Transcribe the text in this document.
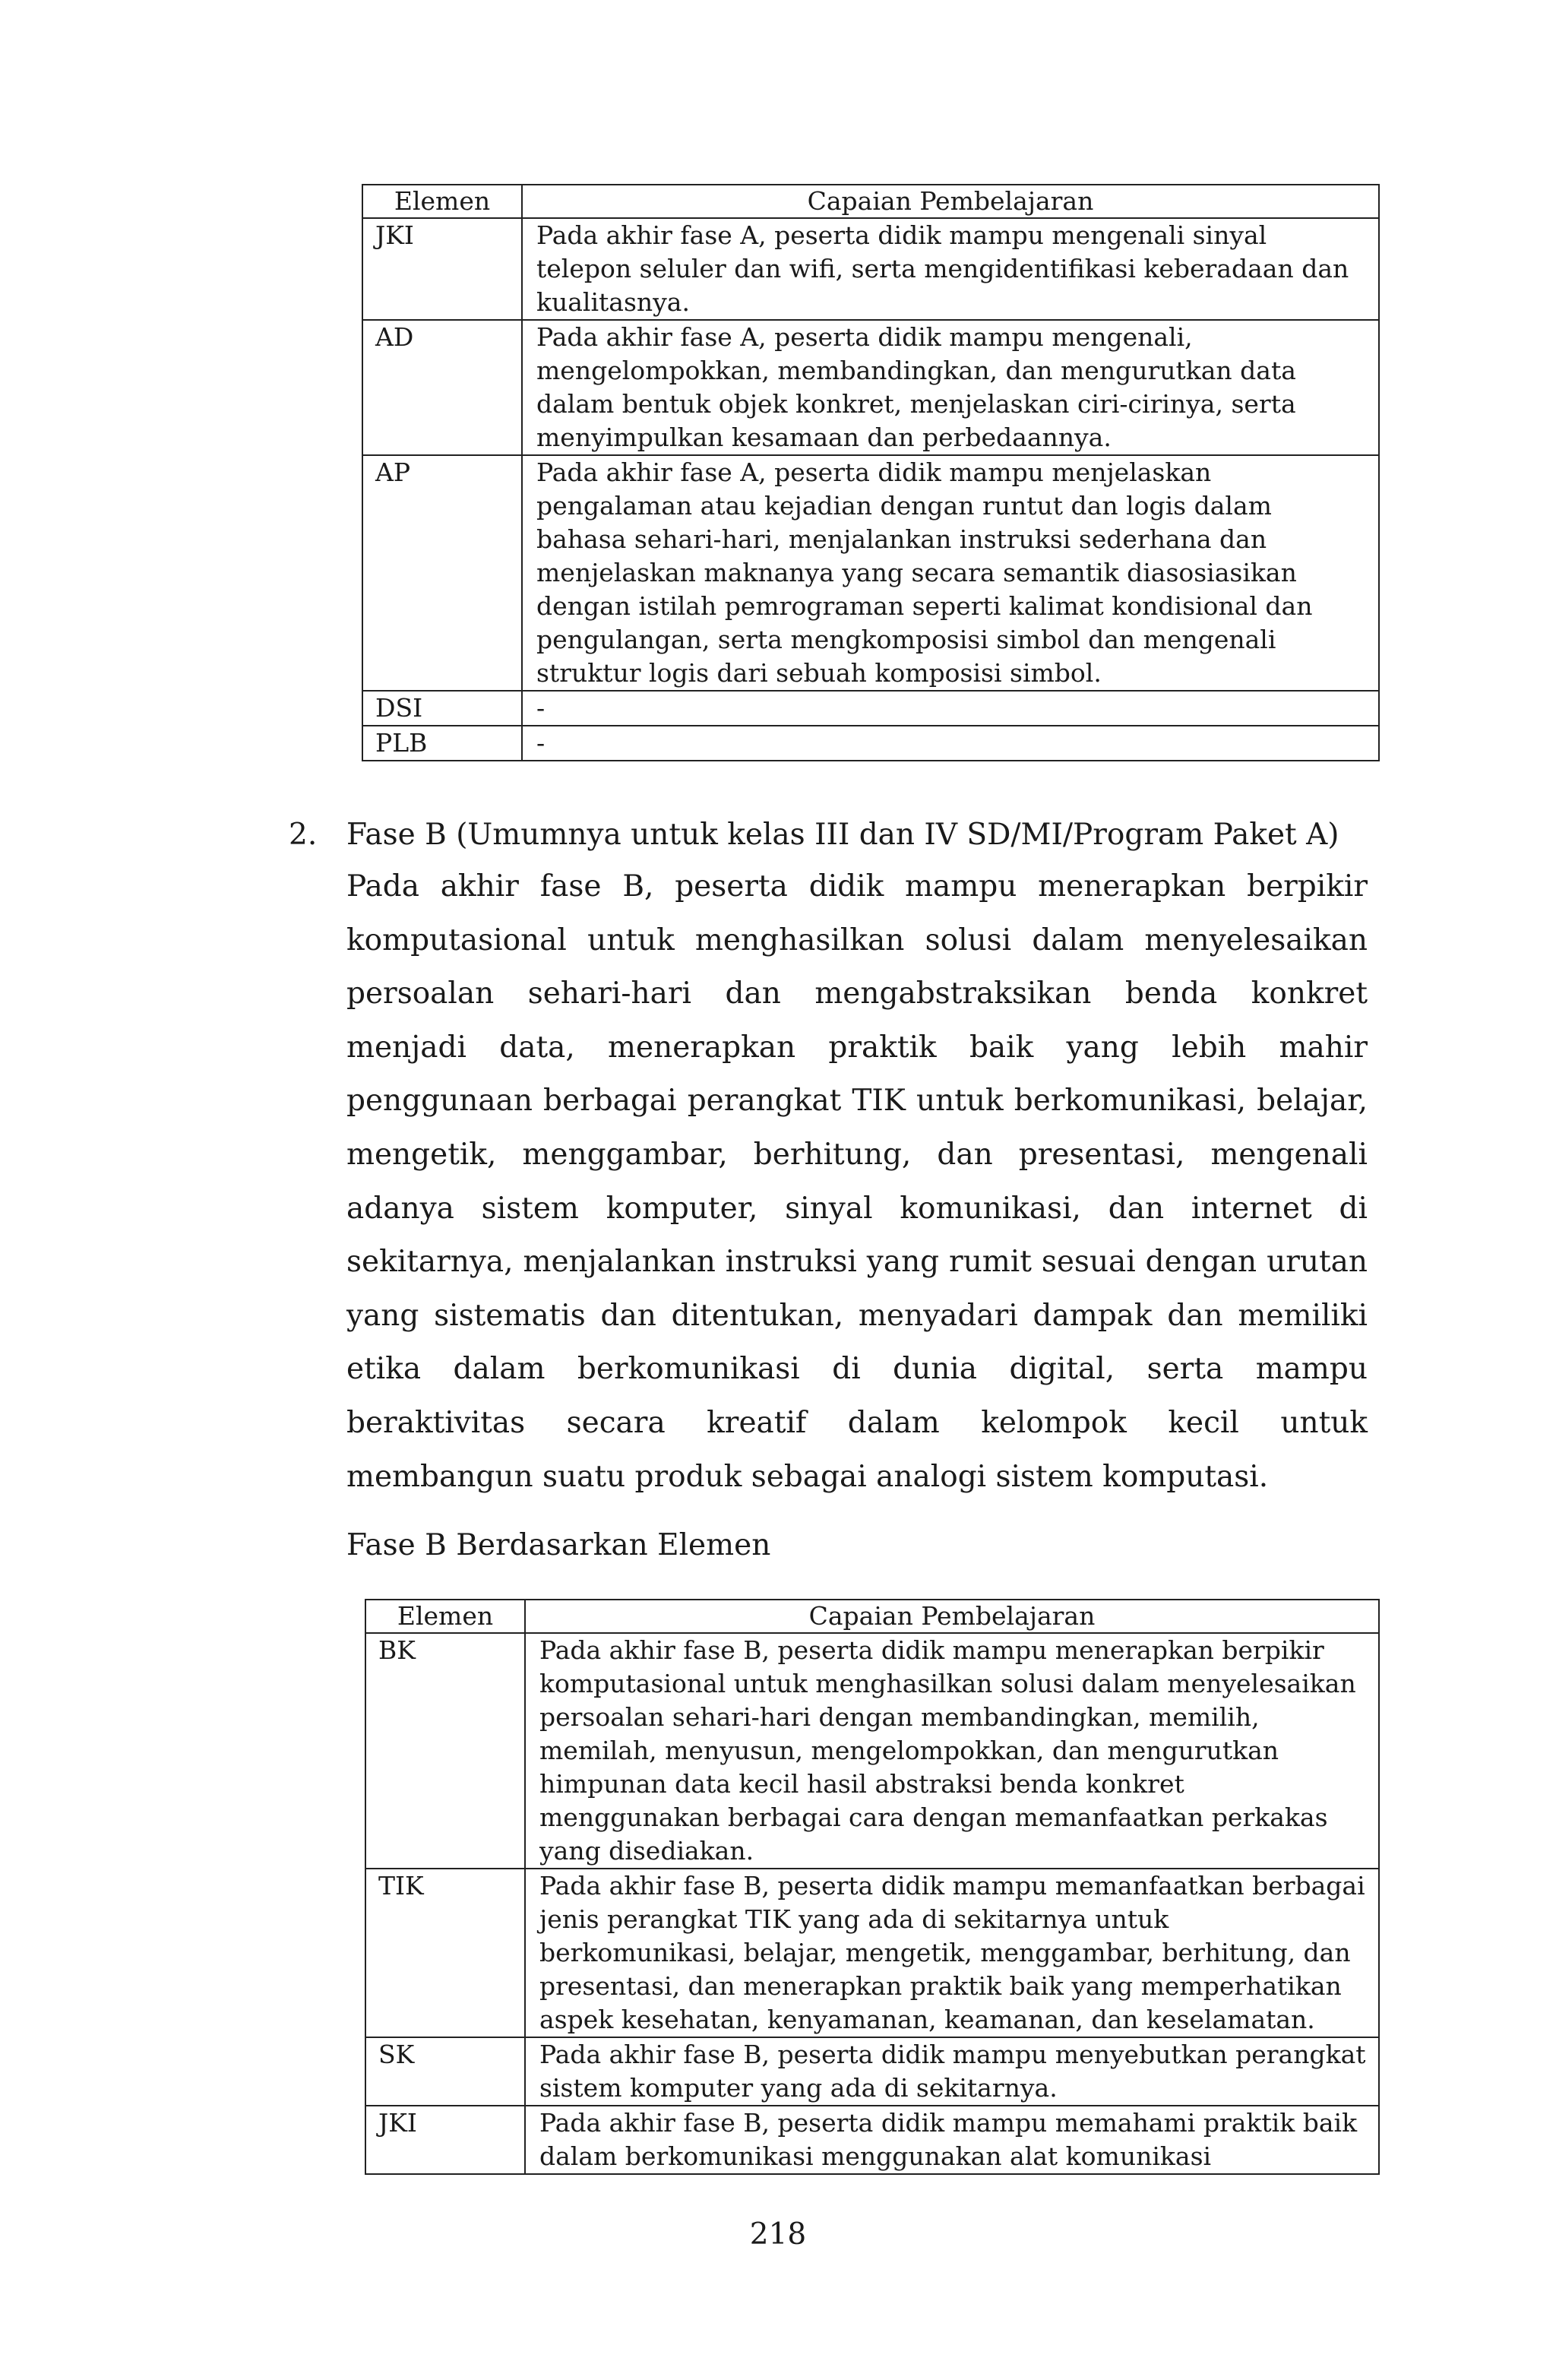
Elemen	Capaian Pembelajaran
JKI	Pada akhir fase A, peserta didik mampu mengenali sinyal telepon seluler dan wifi, serta mengidentifikasi keberadaan dan kualitasnya.
AD	Pada akhir fase A, peserta didik mampu mengenali, mengelompokkan, membandingkan, dan mengurutkan data dalam bentuk objek konkret, menjelaskan ciri-cirinya, serta menyimpulkan kesamaan dan perbedaannya.
AP	Pada akhir fase A, peserta didik mampu menjelaskan pengalaman atau kejadian dengan runtut dan logis dalam bahasa sehari-hari, menjalankan instruksi sederhana dan menjelaskan maknanya yang secara semantik diasosiasikan dengan istilah pemrograman seperti kalimat kondisional dan pengulangan, serta mengkomposisi simbol dan mengenali struktur logis dari sebuah komposisi simbol.
DSI	-
PLB	-
2. Fase B (Umumnya untuk kelas III dan IV SD/MI/Program Paket A)

Pada akhir fase B, peserta didik mampu menerapkan berpikir komputasional untuk menghasilkan solusi dalam menyelesaikan persoalan sehari-hari dan mengabstraksikan benda konkret menjadi data, menerapkan praktik baik yang lebih mahir penggunaan berbagai perangkat TIK untuk berkomunikasi, belajar, mengetik, menggambar, berhitung, dan presentasi, mengenali adanya sistem komputer, sinyal komunikasi, dan internet di sekitarnya, menjalankan instruksi yang rumit sesuai dengan urutan yang sistematis dan ditentukan, menyadari dampak dan memiliki etika dalam berkomunikasi di dunia digital, serta mampu beraktivitas secara kreatif dalam kelompok kecil untuk membangun suatu produk sebagai analogi sistem komputasi.

Fase B Berdasarkan Elemen
Elemen	Capaian Pembelajaran
BK	Pada akhir fase B, peserta didik mampu menerapkan berpikir komputasional untuk menghasilkan solusi dalam menyelesaikan persoalan sehari-hari dengan membandingkan, memilih, memilah, menyusun, mengelompokkan, dan mengurutkan himpunan data kecil hasil abstraksi benda konkret menggunakan berbagai cara dengan memanfaatkan perkakas yang disediakan.
TIK	Pada akhir fase B, peserta didik mampu memanfaatkan berbagai jenis perangkat TIK yang ada di sekitarnya untuk berkomunikasi, belajar, mengetik, menggambar, berhitung, dan presentasi, dan menerapkan praktik baik yang memperhatikan aspek kesehatan, kenyamanan, keamanan, dan keselamatan.
SK	Pada akhir fase B, peserta didik mampu menyebutkan perangkat sistem komputer yang ada di sekitarnya.
JKI	Pada akhir fase B, peserta didik mampu memahami praktik baik dalam berkomunikasi menggunakan alat komunikasi
218
